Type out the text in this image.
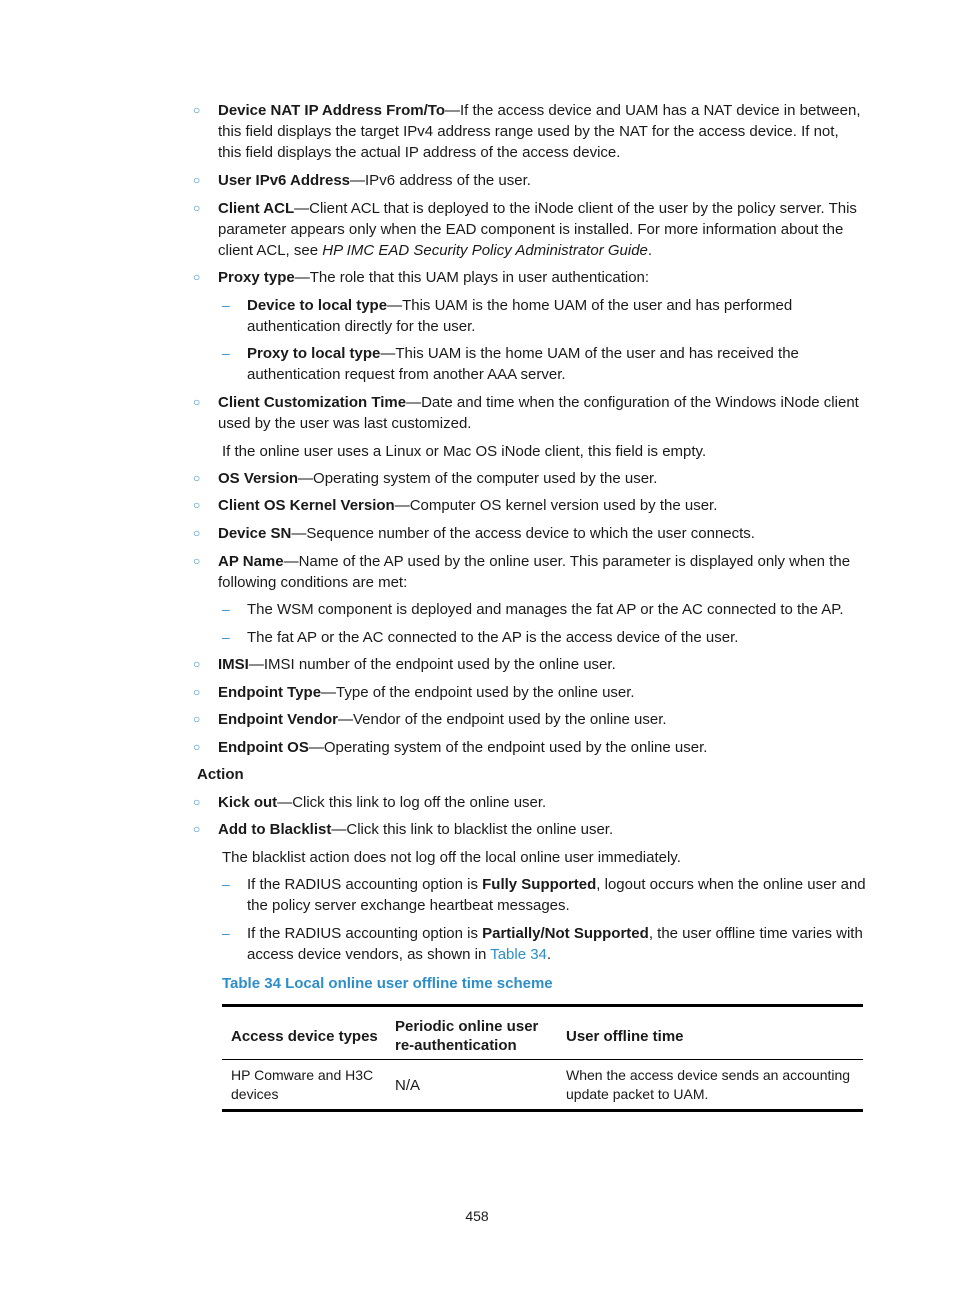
○ Device NAT IP Address From/To—If the access device and UAM has a NAT device in between, this field displays the target IPv4 address range used by the NAT for the access device. If not, this field displays the actual IP address of the access device.
○ User IPv6 Address—IPv6 address of the user.
○ Client ACL—Client ACL that is deployed to the iNode client of the user by the policy server. This parameter appears only when the EAD component is installed. For more information about the client ACL, see HP IMC EAD Security Policy Administrator Guide.
○ Proxy type—The role that this UAM plays in user authentication:
– Device to local type—This UAM is the home UAM of the user and has performed authentication directly for the user.
– Proxy to local type—This UAM is the home UAM of the user and has received the authentication request from another AAA server.
○ Client Customization Time—Date and time when the configuration of the Windows iNode client used by the user was last customized.
If the online user uses a Linux or Mac OS iNode client, this field is empty.
○ OS Version—Operating system of the computer used by the user.
○ Client OS Kernel Version—Computer OS kernel version used by the user.
○ Device SN—Sequence number of the access device to which the user connects.
○ AP Name—Name of the AP used by the online user. This parameter is displayed only when the following conditions are met:
– The WSM component is deployed and manages the fat AP or the AC connected to the AP.
– The fat AP or the AC connected to the AP is the access device of the user.
○ IMSI—IMSI number of the endpoint used by the online user.
○ Endpoint Type—Type of the endpoint used by the online user.
○ Endpoint Vendor—Vendor of the endpoint used by the online user.
○ Endpoint OS—Operating system of the endpoint used by the online user.
Action
○ Kick out—Click this link to log off the online user.
○ Add to Blacklist—Click this link to blacklist the online user.
The blacklist action does not log off the local online user immediately.
– If the RADIUS accounting option is Fully Supported, logout occurs when the online user and the policy server exchange heartbeat messages.
– If the RADIUS accounting option is Partially/Not Supported, the user offline time varies with access device vendors, as shown in Table 34.
Table 34 Local online user offline time scheme
Access device types	Periodic online user re-authentication	User offline time
HP Comware and H3C devices	N/A	When the access device sends an accounting update packet to UAM.
458
